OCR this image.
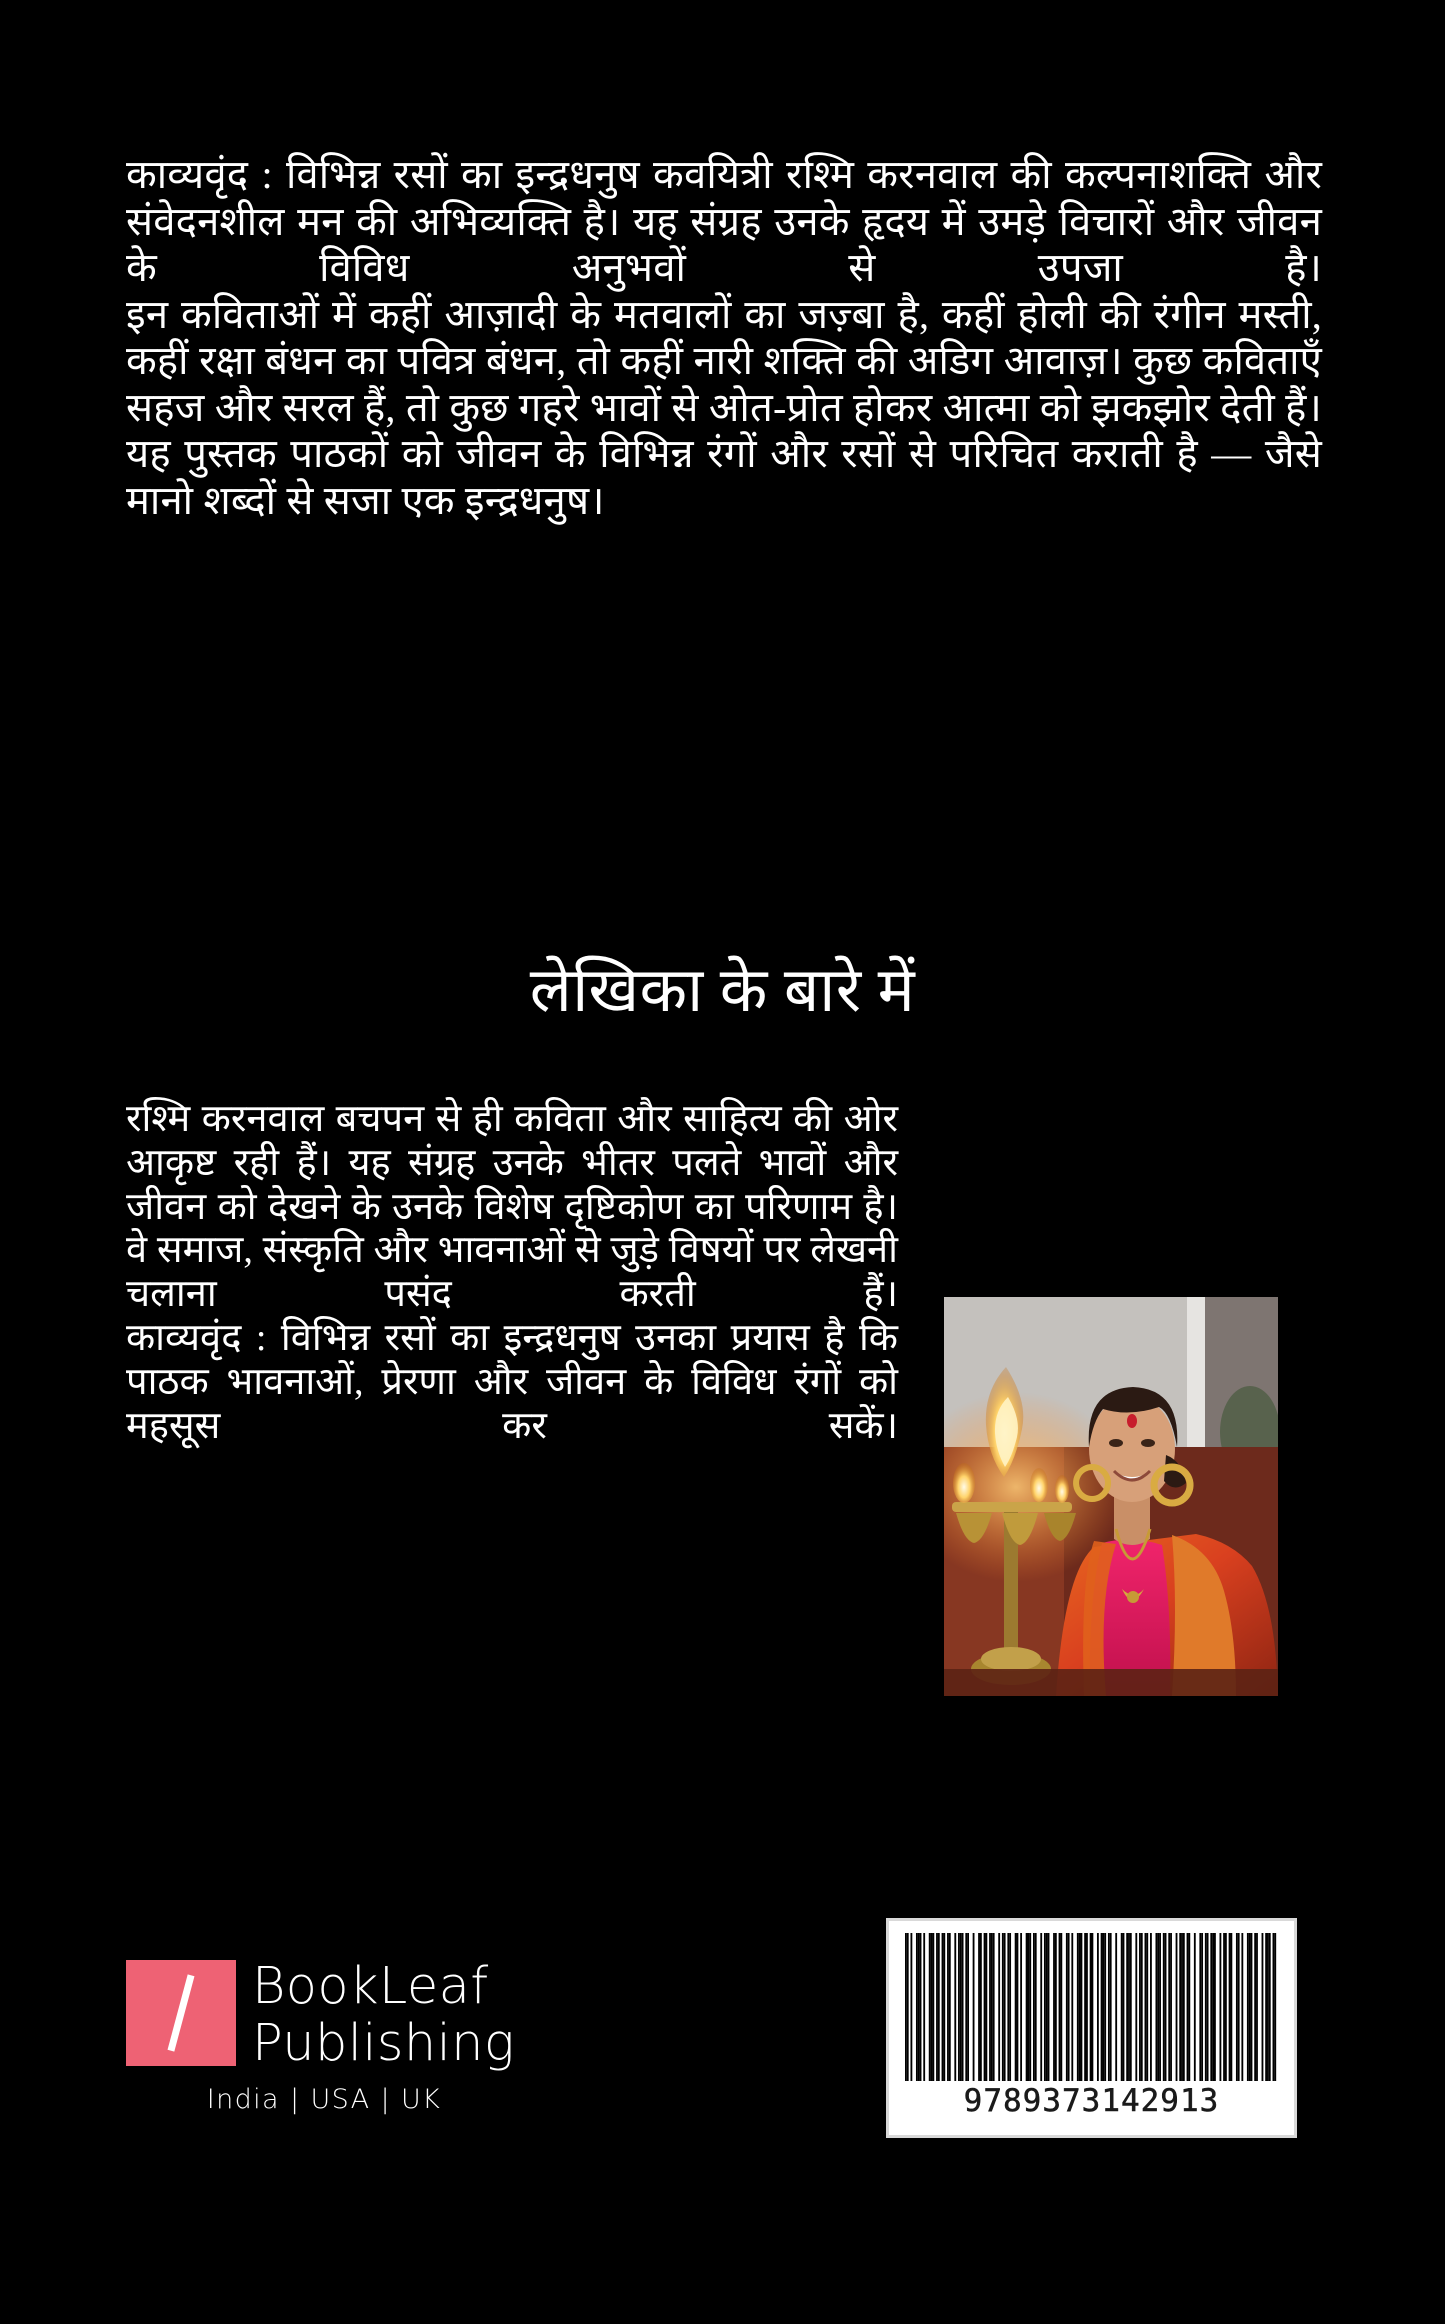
काव्यवृंद : विभिन्न रसों का इन्द्रधनुष कवयित्री रश्मि करनवाल की कल्पनाशक्ति और संवेदनशील मन की अभिव्यक्ति है। यह संग्रह उनके हृदय में उमड़े विचारों और जीवन के विविध अनुभवों से उपजा है।

इन कविताओं में कहीं आज़ादी के मतवालों का जज़्बा है, कहीं होली की रंगीन मस्ती, कहीं रक्षा बंधन का पवित्र बंधन, तो कहीं नारी शक्ति की अडिग आवाज़। कुछ कविताएँ सहज और सरल हैं, तो कुछ गहरे भावों से ओत-प्रोत होकर आत्मा को झकझोर देती हैं।

यह पुस्तक पाठकों को जीवन के विभिन्न रंगों और रसों से परिचित कराती है — जैसे मानो शब्दों से सजा एक इन्द्रधनुष।

लेखिका के बारे में

रश्मि करनवाल बचपन से ही कविता और साहित्य की ओर आकृष्ट रही हैं। यह संग्रह उनके भीतर पलते भावों और जीवन को देखने के उनके विशेष दृष्टिकोण का परिणाम है।

वे समाज, संस्कृति और भावनाओं से जुड़े विषयों पर लेखनी चलाना पसंद करती हैं।

काव्यवृंद : विभिन्न रसों का इन्द्रधनुष उनका प्रयास है कि पाठक भावनाओं, प्रेरणा और जीवन के विविध रंगों को महसूस कर सकें।

BookLeaf
Publishing
India | USA | UK	9789373142913
